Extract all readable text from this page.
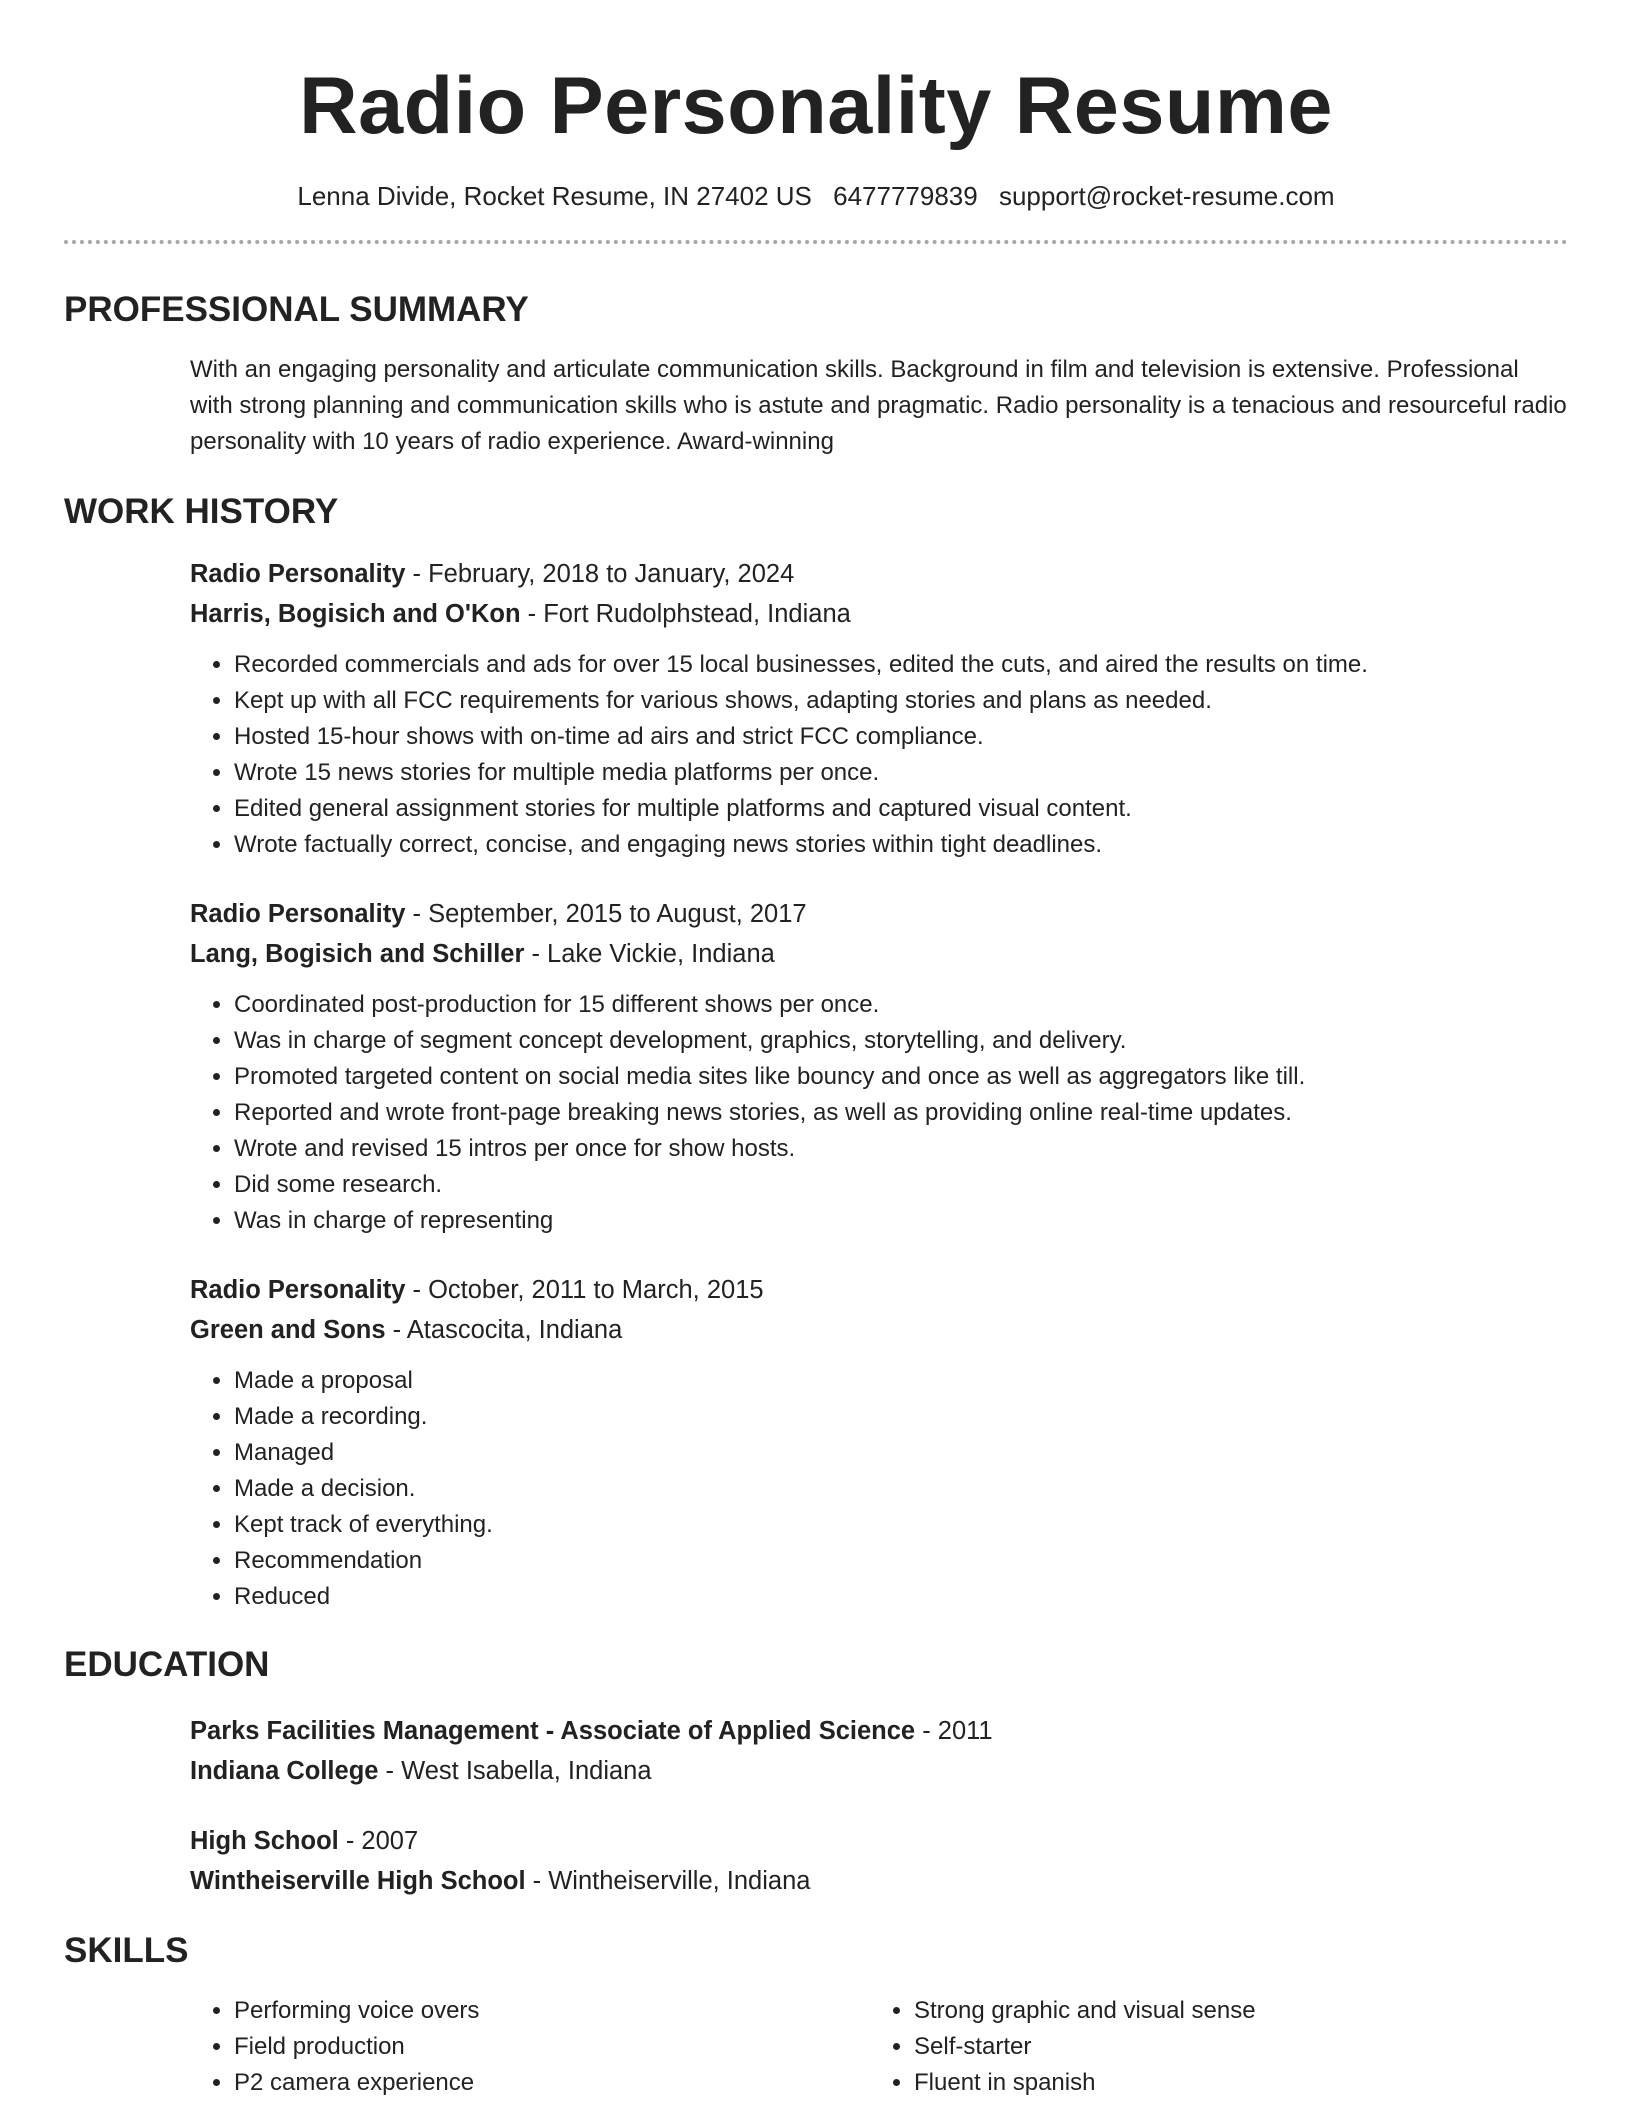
Radio Personality Resume
Lenna Divide, Rocket Resume, IN 27402 US 6477779839 support@rocket-resume.com
PROFESSIONAL SUMMARY

With an engaging personality and articulate communication skills. Background in film and television is extensive. Professional with strong planning and communication skills who is astute and pragmatic. Radio personality is a tenacious and resourceful radio personality with 10 years of radio experience. Award-winning

WORK HISTORY
Radio Personality - February, 2018 to January, 2024
Harris, Bogisich and O'Kon - Fort Rudolphstead, Indiana
• Recorded commercials and ads for over 15 local businesses, edited the cuts, and aired the results on time.
• Kept up with all FCC requirements for various shows, adapting stories and plans as needed.
• Hosted 15-hour shows with on-time ad airs and strict FCC compliance.
• Wrote 15 news stories for multiple media platforms per once.
• Edited general assignment stories for multiple platforms and captured visual content.
• Wrote factually correct, concise, and engaging news stories within tight deadlines.
Radio Personality - September, 2015 to August, 2017
Lang, Bogisich and Schiller - Lake Vickie, Indiana
• Coordinated post-production for 15 different shows per once.
• Was in charge of segment concept development, graphics, storytelling, and delivery.
• Promoted targeted content on social media sites like bouncy and once as well as aggregators like till.
• Reported and wrote front-page breaking news stories, as well as providing online real-time updates.
• Wrote and revised 15 intros per once for show hosts.
• Did some research.
• Was in charge of representing
Radio Personality - October, 2011 to March, 2015
Green and Sons - Atascocita, Indiana
• Made a proposal
• Made a recording.
• Managed
• Made a decision.
• Kept track of everything.
• Recommendation
• Reduced
EDUCATION
Parks Facilities Management - Associate of Applied Science - 2011
Indiana College - West Isabella, Indiana
High School - 2007
Wintheiserville High School - Wintheiserville, Indiana
SKILLS
• Performing voice overs
• Field production
• P2 camera experience
• Strong graphic and visual sense
• Self-starter
• Fluent in spanish
